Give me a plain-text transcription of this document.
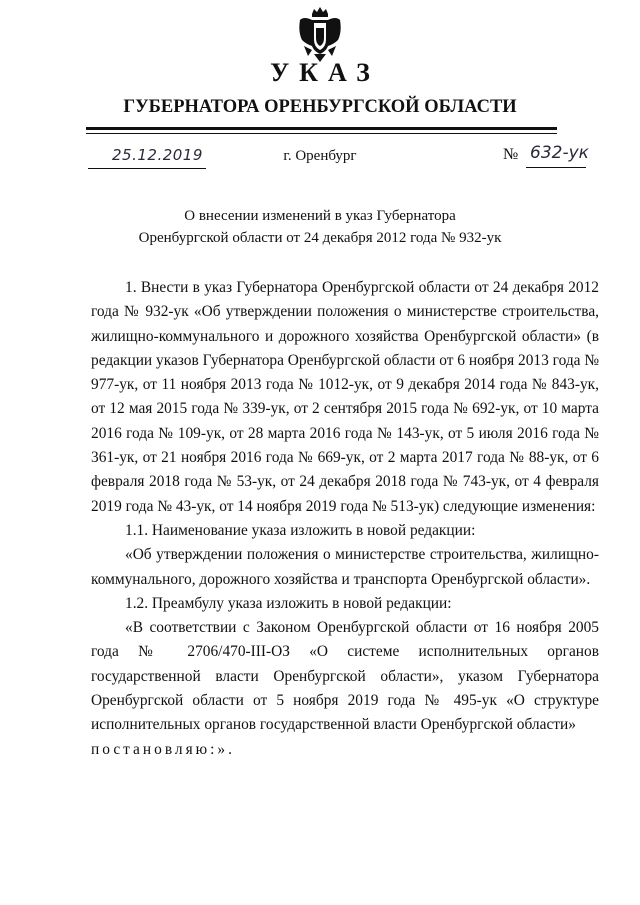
УКАЗ
ГУБЕРНАТОРА ОРЕНБУРГСКОЙ ОБЛАСТИ
25.12.2019	г. Оренбург	№ 632-ук
О внесении изменений в указ Губернатора
Оренбургской области от 24 декабря 2012 года № 932-ук

1. Внести в указ Губернатора Оренбургской области от 24 декабря 2012 года № 932-ук «Об утверждении положения о министерстве строительства, жилищно-коммунального и дорожного хозяйства Оренбургской области» (в редакции указов Губернатора Оренбургской области от 6 ноября 2013 года № 977-ук, от 11 ноября 2013 года № 1012-ук, от 9 декабря 2014 года № 843-ук, от 12 мая 2015 года № 339-ук, от 2 сентября 2015 года № 692-ук, от 10 марта 2016 года № 109-ук, от 28 марта 2016 года № 143-ук, от 5 июля 2016 года № 361-ук, от 21 ноября 2016 года № 669-ук, от 2 марта 2017 года № 88-ук, от 6 февраля 2018 года № 53-ук, от 24 декабря 2018 года № 743-ук, от 4 февраля 2019 года № 43-ук, от 14 ноября 2019 года № 513-ук) следующие изменения:

1.1. Наименование указа изложить в новой редакции:

«Об утверждении положения о министерстве строительства, жилищно-коммунального, дорожного хозяйства и транспорта Оренбургской области».

1.2. Преамбулу указа изложить в новой редакции:

«В соответствии с Законом Оренбургской области от 16 ноября 2005 года № 2706/470-III-ОЗ «О системе исполнительных органов государственной власти Оренбургской области», указом Губернатора Оренбургской области от 5 ноября 2019 года № 495-ук «О структуре исполнительных органов государственной власти Оренбургской области»
постановляю:».
